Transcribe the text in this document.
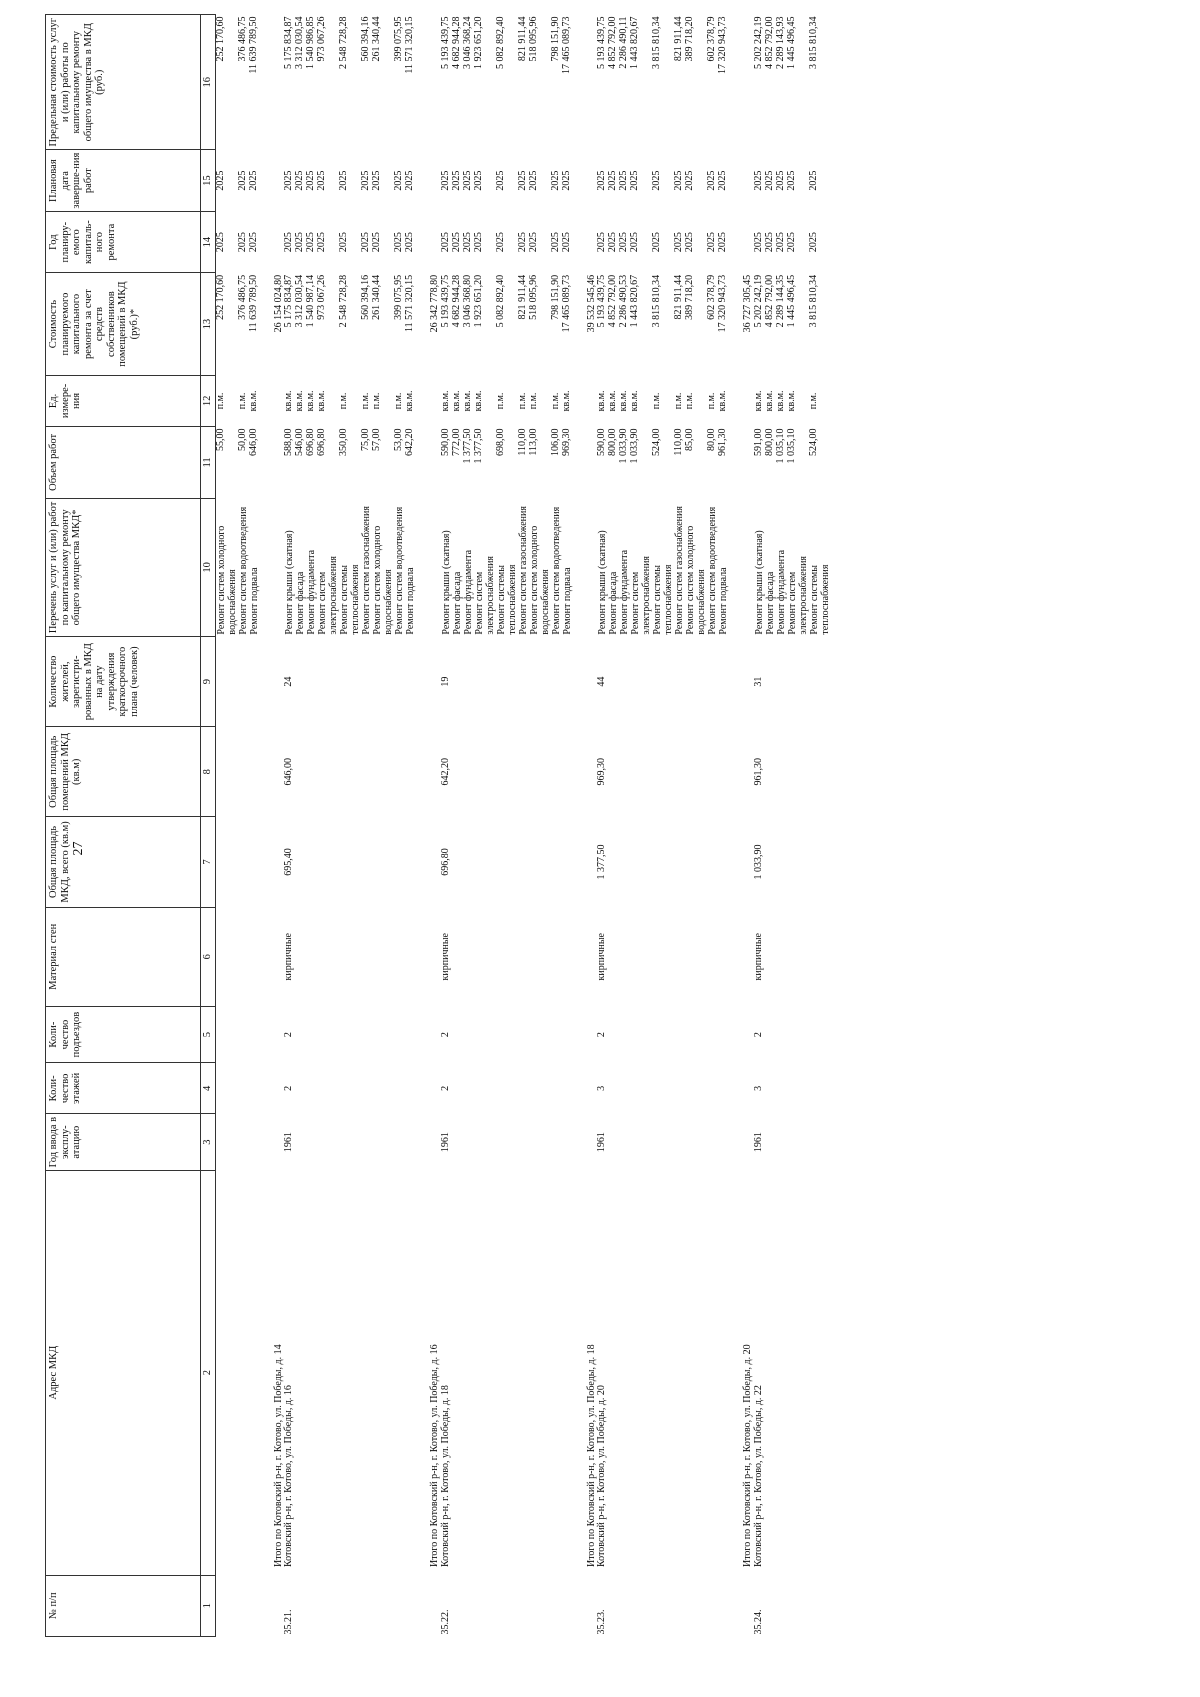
27
№ п/п	Адрес МКД	Год ввода в эксплу-атацию	Коли-чество этажей	Коли-чество подъездов	Материал стен	Общая площадь МКД, всего (кв.м)	Общая площадь помещений МКД (кв.м)	Количество жителей, зарегистри-рованных в МКД на дату утверждения краткосрочного плана (человек)	Перечень услуг и (или) работ по капитальному ремонту общего имущества МКД*	Объем работ	Ед. измере-ния	Стоимость планируемого капитального ремонта за счет средств собственников помещений в МКД (руб.)*	Год планиру-емого капиталь-ного ремонта	Плановая дата заверше-ния работ	Предельная стоимость услуг и (или) работы по капитальному ремонту общего имущества в МКД (руб.)
1	2	3	4	5	6	7	8	9	10	11	12	13	14	15	16
									Ремонт систем холодного водоснабжения	55,00	п.м.	252 170,60	2025	2025	252 170,60
									Ремонт систем водоотведения	50,00	п.м.	376 486,75	2025	2025	376 486,75
									Ремонт подвала	646,00	кв.м.	11 639 789,50	2025	2025	11 639 789,50
	Итого по Котовский р-н, г. Котово, ул. Победы, д. 14											26 154 024,80			
35.21.	Котовский р-н, г. Котово, ул. Победы, д. 16	1961	2	2	кирпичные	695,40	646,00	24	Ремонт крыши (скатная)	588,00	кв.м.	5 175 834,87	2025	2025	5 175 834,87
									Ремонт фасада	546,00	кв.м.	3 312 030,54	2025	2025	3 312 030,54
									Ремонт фундамента	696,80	кв.м.	1 540 987,14	2025	2025	1 540 986,85
									Ремонт систем электроснабжения	696,80	кв.м.	973 067,26	2025	2025	973 067,26
									Ремонт системы теплоснабжения	350,00	п.м.	2 548 728,28	2025	2025	2 548 728,28
									Ремонт систем газоснабжения	75,00	п.м.	560 394,16	2025	2025	560 394,16
									Ремонт систем холодного водоснабжения	57,00	п.м.	261 340,44	2025	2025	261 340,44
									Ремонт систем водоотведения	53,00	п.м.	399 075,95	2025	2025	399 075,95
									Ремонт подвала	642,20	кв.м.	11 571 320,15	2025	2025	11 571 320,15
	Итого по Котовский р-н, г. Котово, ул. Победы, д. 16											26 342 778,80			
35.22.	Котовский р-н, г. Котово, ул. Победы, д. 18	1961	2	2	кирпичные	696,80	642,20	19	Ремонт крыши (скатная)	590,00	кв.м.	5 193 439,75	2025	2025	5 193 439,75
									Ремонт фасада	772,00	кв.м.	4 682 944,28	2025	2025	4 682 944,28
									Ремонт фундамента	1 377,50	кв.м.	3 046 368,80	2025	2025	3 046 368,24
									Ремонт систем электроснабжения	1 377,50	кв.м.	1 923 651,20	2025	2025	1 923 651,20
									Ремонт системы теплоснабжения	698,00	п.м.	5 082 892,40	2025	2025	5 082 892,40
									Ремонт систем газоснабжения	110,00	п.м.	821 911,44	2025	2025	821 911,44
									Ремонт систем холодного водоснабжения	113,00	п.м.	518 095,96	2025	2025	518 095,96
									Ремонт систем водоотведения	106,00	п.м.	798 151,90	2025	2025	798 151,90
									Ремонт подвала	969,30	кв.м.	17 465 089,73	2025	2025	17 465 089,73
	Итого по Котовский р-н, г. Котово, ул. Победы, д. 18											39 532 545,46			
35.23.	Котовский р-н, г. Котово, ул. Победы, д. 20	1961	3	2	кирпичные	1 377,50	969,30	44	Ремонт крыши (скатная)	590,00	кв.м.	5 193 439,75	2025	2025	5 193 439,75
									Ремонт фасада	800,00	кв.м.	4 852 792,00	2025	2025	4 852 792,00
									Ремонт фундамента	1 033,90	кв.м.	2 286 490,53	2025	2025	2 286 490,11
									Ремонт систем электроснабжения	1 033,90	кв.м.	1 443 820,67	2025	2025	1 443 820,67
									Ремонт системы теплоснабжения	524,00	п.м.	3 815 810,34	2025	2025	3 815 810,34
									Ремонт систем газоснабжения	110,00	п.м.	821 911,44	2025	2025	821 911,44
									Ремонт систем холодного водоснабжения	85,00	п.м.	389 718,20	2025	2025	389 718,20
									Ремонт систем водоотведения	80,00	п.м.	602 378,79	2025	2025	602 378,79
									Ремонт подвала	961,30	кв.м.	17 320 943,73	2025	2025	17 320 943,73
	Итого по Котовский р-н, г. Котово, ул. Победы, д. 20											36 727 305,45			
35.24.	Котовский р-н, г. Котово, ул. Победы, д. 22	1961	3	2	кирпичные	1 033,90	961,30	31	Ремонт крыши (скатная)	591,00	кв.м.	5 202 242,19	2025	2025	5 202 242,19
									Ремонт фасада	800,00	кв.м.	4 852 792,00	2025	2025	4 852 792,00
									Ремонт фундамента	1 035,10	кв.м.	2 289 144,35	2025	2025	2 289 143,93
									Ремонт систем электроснабжения	1 035,10	кв.м.	1 445 496,45	2025	2025	1 445 496,45
									Ремонт системы теплоснабжения	524,00	п.м.	3 815 810,34	2025	2025	3 815 810,34
